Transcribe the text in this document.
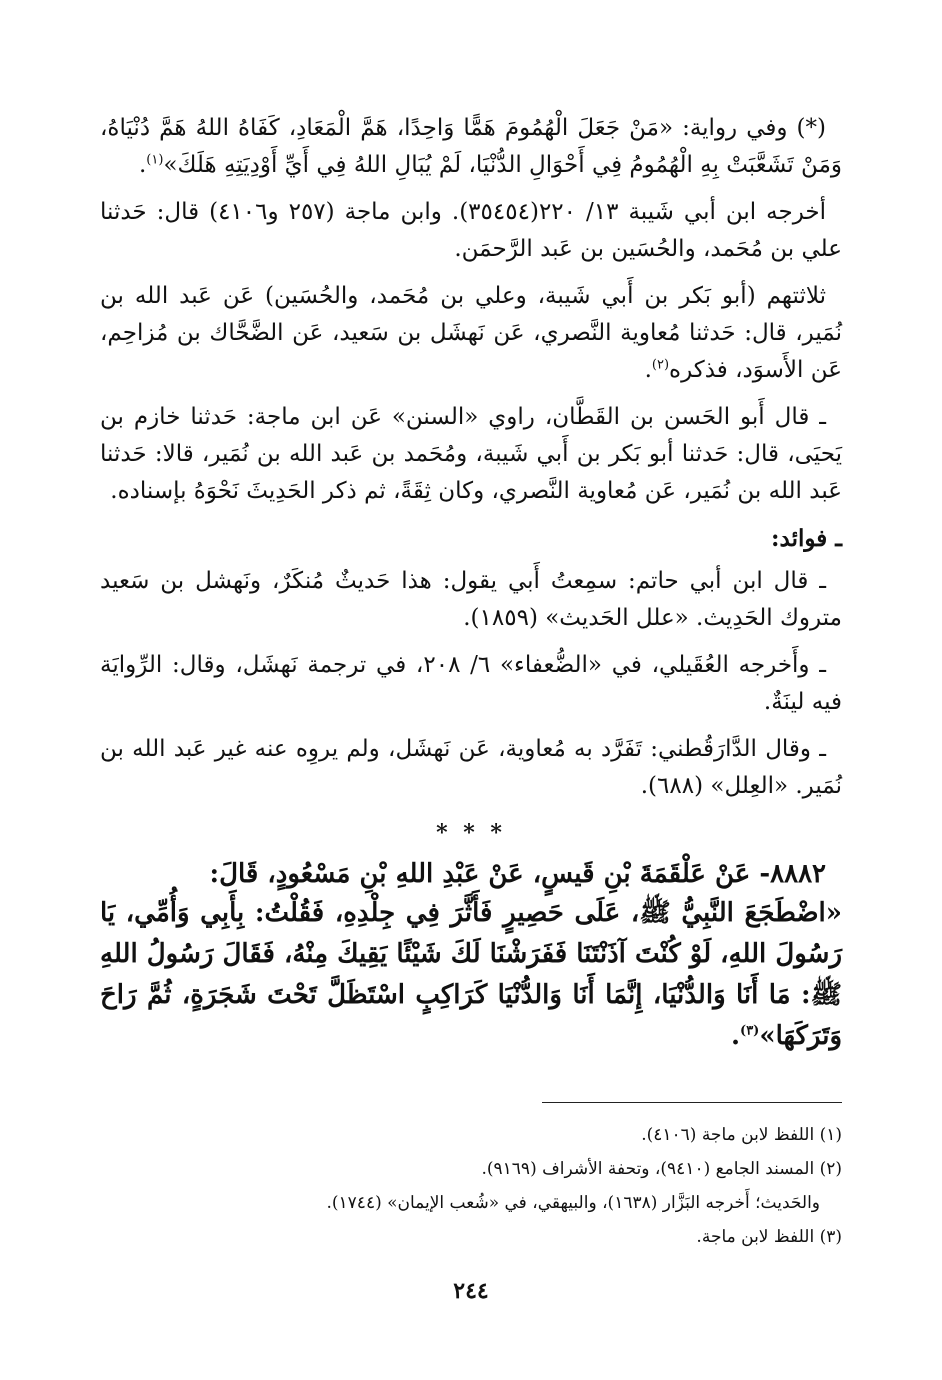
(*) وفي رواية: «مَنْ جَعَلَ الْهُمُومَ هَمًّا وَاحِدًا، هَمَّ الْمَعَادِ، كَفَاهُ اللهُ هَمَّ دُنْيَاهُ، وَمَنْ تَشَعَّبَتْ بِهِ الْهُمُومُ فِي أَحْوَالِ الدُّنْيَا، لَمْ يُبَالِ اللهُ فِي أَيِّ أَوْدِيَتِهِ هَلَكَ»$^{(١)}$.

أخرجه ابن أبي شَيبة ١٣/ ٢٢٠(٣٥٤٥٤). وابن ماجة (٢٥٧ و٤١٠٦) قال: حَدثنا علي بن مُحَمد، والحُسَين بن عَبد الرَّحمَن.

ثلاثتهم (أبو بَكر بن أَبي شَيبة، وعلي بن مُحَمد، والحُسَين) عَن عَبد الله بن نُمَير، قال: حَدثنا مُعاوية النَّصري، عَن نَهشَل بن سَعيد، عَن الضَّحَّاك بن مُزاحِم، عَن الأَسوَد، فذكره$^{(٢)}$.

ـ قال أَبو الحَسن بن القَطَّان، راوي «السنن» عَن ابن ماجة: حَدثنا خازم بن يَحيَى، قال: حَدثنا أبو بَكر بن أَبي شَيبة، ومُحَمد بن عَبد الله بن نُمَير، قالا: حَدثنا عَبد الله بن نُمَير، عَن مُعاوية النَّصري، وكان ثِقَةً، ثم ذكر الحَدِيثَ نَحْوَهُ بإسناده.

ـ فوائد:

ـ قال ابن أبي حاتم: سمِعتُ أَبي يقول: هذا حَديثٌ مُنكَرٌ، ونَهشل بن سَعيد متروك الحَدِيث. «علل الحَديث» (١٨٥٩).

ـ وأَخرجه العُقَيلي، في «الضُّعفاء» ٦/ ٢٠٨، في ترجمة نَهشَل، وقال: الرِّوايَة فيه لينَةٌ.

ـ وقال الدَّارَقُطني: تَفَرَّد به مُعاوية، عَن نَهشَل، ولم يروِه عنه غير عَبد الله بن نُمَير. «العِلل» (٦٨٨).

* * *

٨٨٨٢- عَنْ عَلْقَمَةَ بْنِ قَيسٍ، عَنْ عَبْدِ اللهِ بْنِ مَسْعُودٍ، قَالَ:

«اضْطَجَعَ النَّبِيُّ ﷺ، عَلَى حَصِيرٍ فَأَثَّرَ فِي جِلْدِهِ، فَقُلْتُ: بِأَبِي وَأُمِّي، يَا رَسُولَ اللهِ، لَوْ كُنْتَ آذَنْتَنَا فَفَرَشْنَا لَكَ شَيْئًا يَقِيكَ مِنْهُ، فَقَالَ رَسُولُ اللهِ ﷺ: مَا أَنَا وَالدُّنْيَا، إِنَّمَا أَنَا وَالدُّنْيَا كَرَاكِبٍ اسْتَظَلَّ تَحْتَ شَجَرَةٍ، ثُمَّ رَاحَ وَتَرَكَهَا»$^{(٣)}$.

(١) اللفظ لابن ماجة (٤١٠٦).

(٢) المسند الجامع (٩٤١٠)، وتحفة الأشراف (٩١٦٩).

والحَديث؛ أَخرجه البَزَّار (١٦٣٨)، والبيهقي، في «شُعب الإيمان» (١٧٤٤).

(٣) اللفظ لابن ماجة.

٢٤٤
